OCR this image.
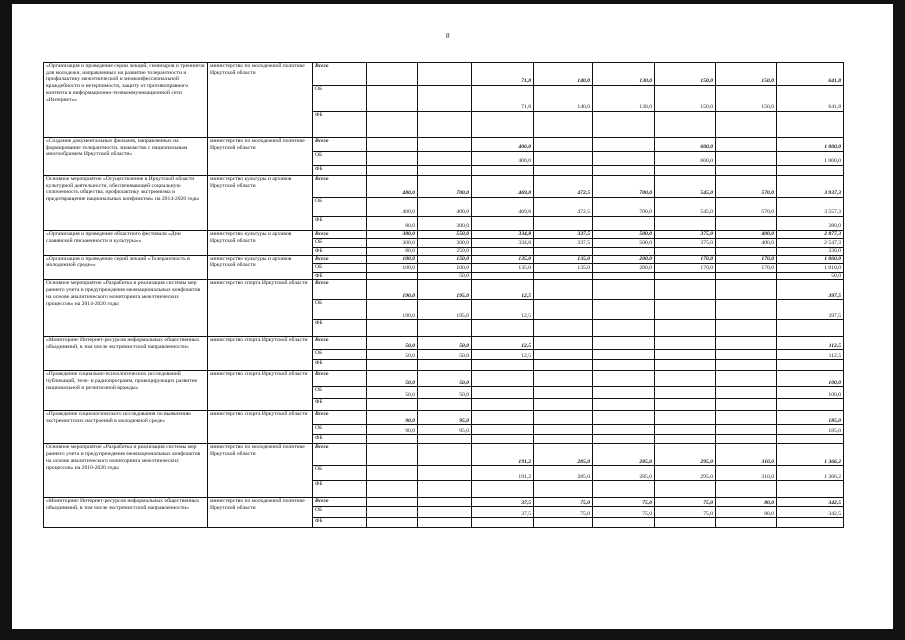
8
«Организация и проведение серии лекций, семинаров и тренингов для молодежи, направленных на развитие толерантности и профилактику межэтнической и межконфессиональной враждебности и нетерпимости, защиту от противоправного контента в информационно-телекоммуникационной сети «Интернет»»	министерство по молодежной политике Иркутской области	Всего			71,8	140,0	130,0	150,0	150,0	641,8
		ОБ			71,8	140,0	130,0	150,0	150,0	641,8
		ФБ								
«Создание документальных фильмов, направленных на формирование толерантности, знакомство с национальным многообразием Иркутской области»	министерство по молодежной политике Иркутской области	Всего			400,0			600,0		1 000,0
		ОБ			400,0			600,0		1 000,0
		ФБ								
Основное мероприятие «Осуществление в Иркутской области культурной деятельности, обеспечивающей социальную сплоченность общества, профилактику экстремизма и предотвращение национальных конфликтов» на 2014-2020 годы	министерство культуры и архивов Иркутской области	Всего	480,0	700,0	469,8	472,5	700,0	545,0	570,0	3 937,3
		ОБ	400,0	400,0	469,8	472,5	700,0	545,0	570,0	3 557,3
		ФБ	80,0	300,0						380,0
«Организация и проведение областного фестиваля «Дни славянской письменности и культуры»»	министерство культуры и архивов Иркутской области	Всего	380,0	550,0	334,8	337,5	500,0	375,0	400,0	2 877,3
		ОБ	300,0	300,0	334,8	337,5	500,0	375,0	400,0	2 547,3
		ФБ	80,0	250,0						330,0
«Организация и проведение серий лекций «Толерантность в молодежной среде»»	министерство культуры и архивов Иркутской области	Всего	100,0	150,0	135,0	135,0	200,0	170,0	170,0	1 060,0
		ОБ	100,0	100,0	135,0	135,0	200,0	170,0	170,0	1 010,0
		ФБ		50,0						50,0
Основное мероприятие «Разработка и реализация системы мер раннего учета и предупреждения межнациональных конфликтов на основе аналитического мониторинга межэтнических процессов» на 2014-2020 годы	министерство спорта Иркутской области	Всего	190,0	195,0	12,5					397,5
		ОБ	190,0	195,0	12,5					397,5
		ФБ								
«Мониторинг Интернет-ресурсов неформальных общественных объединений, в том числе экстремистской направленности»	министерство спорта Иркутской области	Всего	50,0	50,0	12,5					112,5
		ОБ	50,0	50,0	12,5					112,5
		ФБ								
«Проведение социально-психологических исследований публикаций, теле- и радиопрограмм, провоцирующих развитие национальной и религиозной вражды»	министерство спорта Иркутской области	Всего	50,0	50,0						100,0
		ОБ	50,0	50,0						100,0
		ФБ								
«Проведение социологического исследования по выявлению экстремистских настроений в молодежной среде»	министерство спорта Иркутской области	Всего	90,0	95,0						185,0
		ОБ	90,0	95,0						185,0
		ФБ								
Основное мероприятие «Разработка и реализация системы мер раннего учета и предупреждения межнациональных конфликтов на основе аналитического мониторинга межэтнических процессов» на 2016-2020 годы	министерство по молодежной политике Иркутской области	Всего			191,2	285,0	285,0	295,0	310,0	1 366,2
		ОБ			191,2	285,0	285,0	295,0	310,0	1 366,2
		ФБ								
«Мониторинг Интернет-ресурсов неформальных общественных объединений, в том числе экстремистской направленности»	министерство по молодежной политике Иркутской области	Всего			37,5	75,0	75,0	75,0	80,0	342,5
		ОБ			37,5	75,0	75,0	75,0	80,0	342,5
		ФБ								
